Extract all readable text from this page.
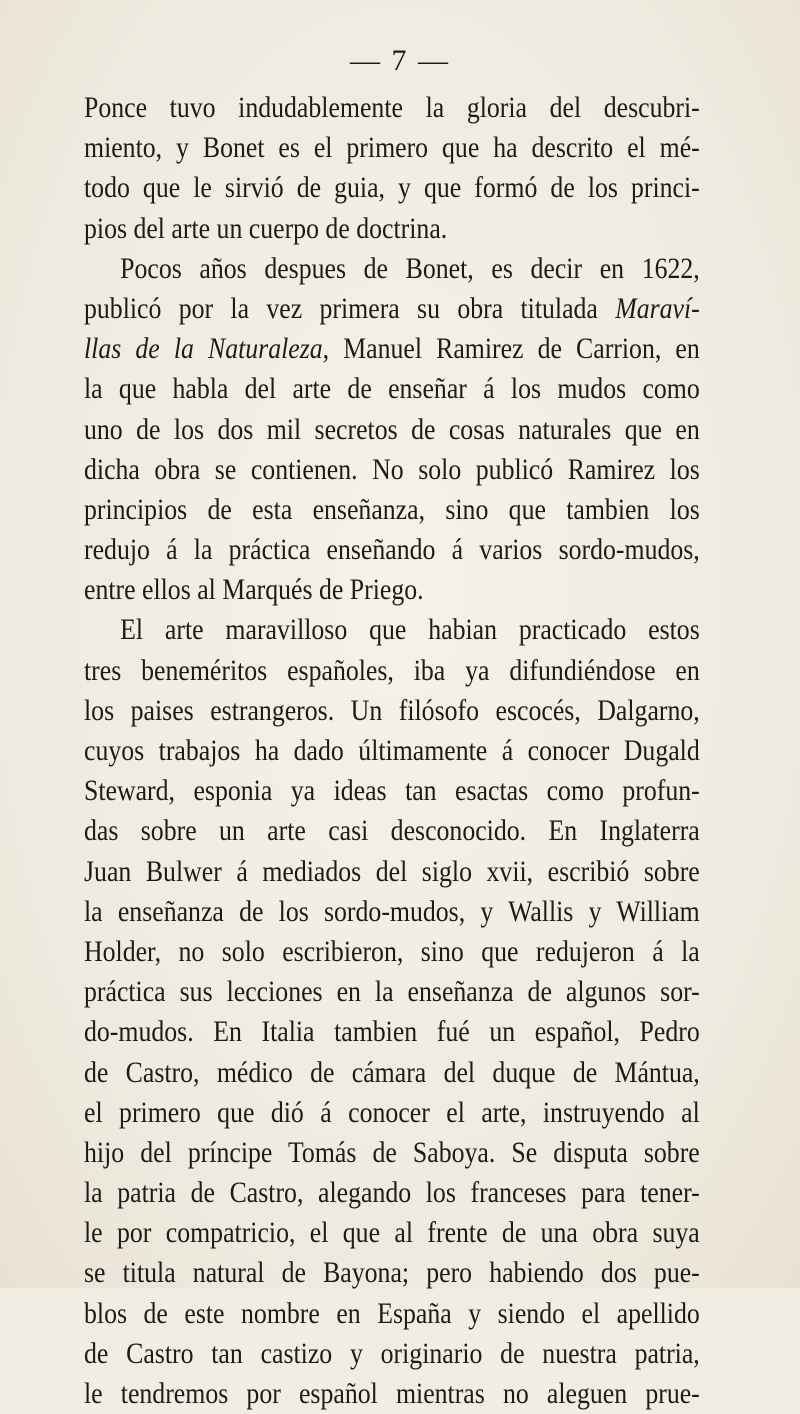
— 7 —
Ponce tuvo indudablemente la gloria del descubri-
miento, y Bonet es el primero que ha descrito el mé-
todo que le sirvió de guia, y que formó de los princi-
pios del arte un cuerpo de doctrina.
Pocos años despues de Bonet, es decir en 1622,
publicó por la vez primera su obra titulada Maraví-
llas de la Naturaleza, Manuel Ramirez de Carrion, en
la que habla del arte de enseñar á los mudos como
uno de los dos mil secretos de cosas naturales que en
dicha obra se contienen. No solo publicó Ramirez los
principios de esta enseñanza, sino que tambien los
redujo á la práctica enseñando á varios sordo-mudos,
entre ellos al Marqués de Priego.
El arte maravilloso que habian practicado estos
tres beneméritos españoles, iba ya difundiéndose en
los paises estrangeros. Un filósofo escocés, Dalgarno,
cuyos trabajos ha dado últimamente á conocer Dugald
Steward, esponia ya ideas tan esactas como profun-
das sobre un arte casi desconocido. En Inglaterra
Juan Bulwer á mediados del siglo xvii, escribió sobre
la enseñanza de los sordo-mudos, y Wallis y William
Holder, no solo escribieron, sino que redujeron á la
práctica sus lecciones en la enseñanza de algunos sor-
do-mudos. En Italia tambien fué un español, Pedro
de Castro, médico de cámara del duque de Mántua,
el primero que dió á conocer el arte, instruyendo al
hijo del príncipe Tomás de Saboya. Se disputa sobre
la patria de Castro, alegando los franceses para tener-
le por compatricio, el que al frente de una obra suya
se titula natural de Bayona; pero habiendo dos pue-
blos de este nombre en España y siendo el apellido
de Castro tan castizo y originario de nuestra patria,
le tendremos por español mientras no aleguen prue-
